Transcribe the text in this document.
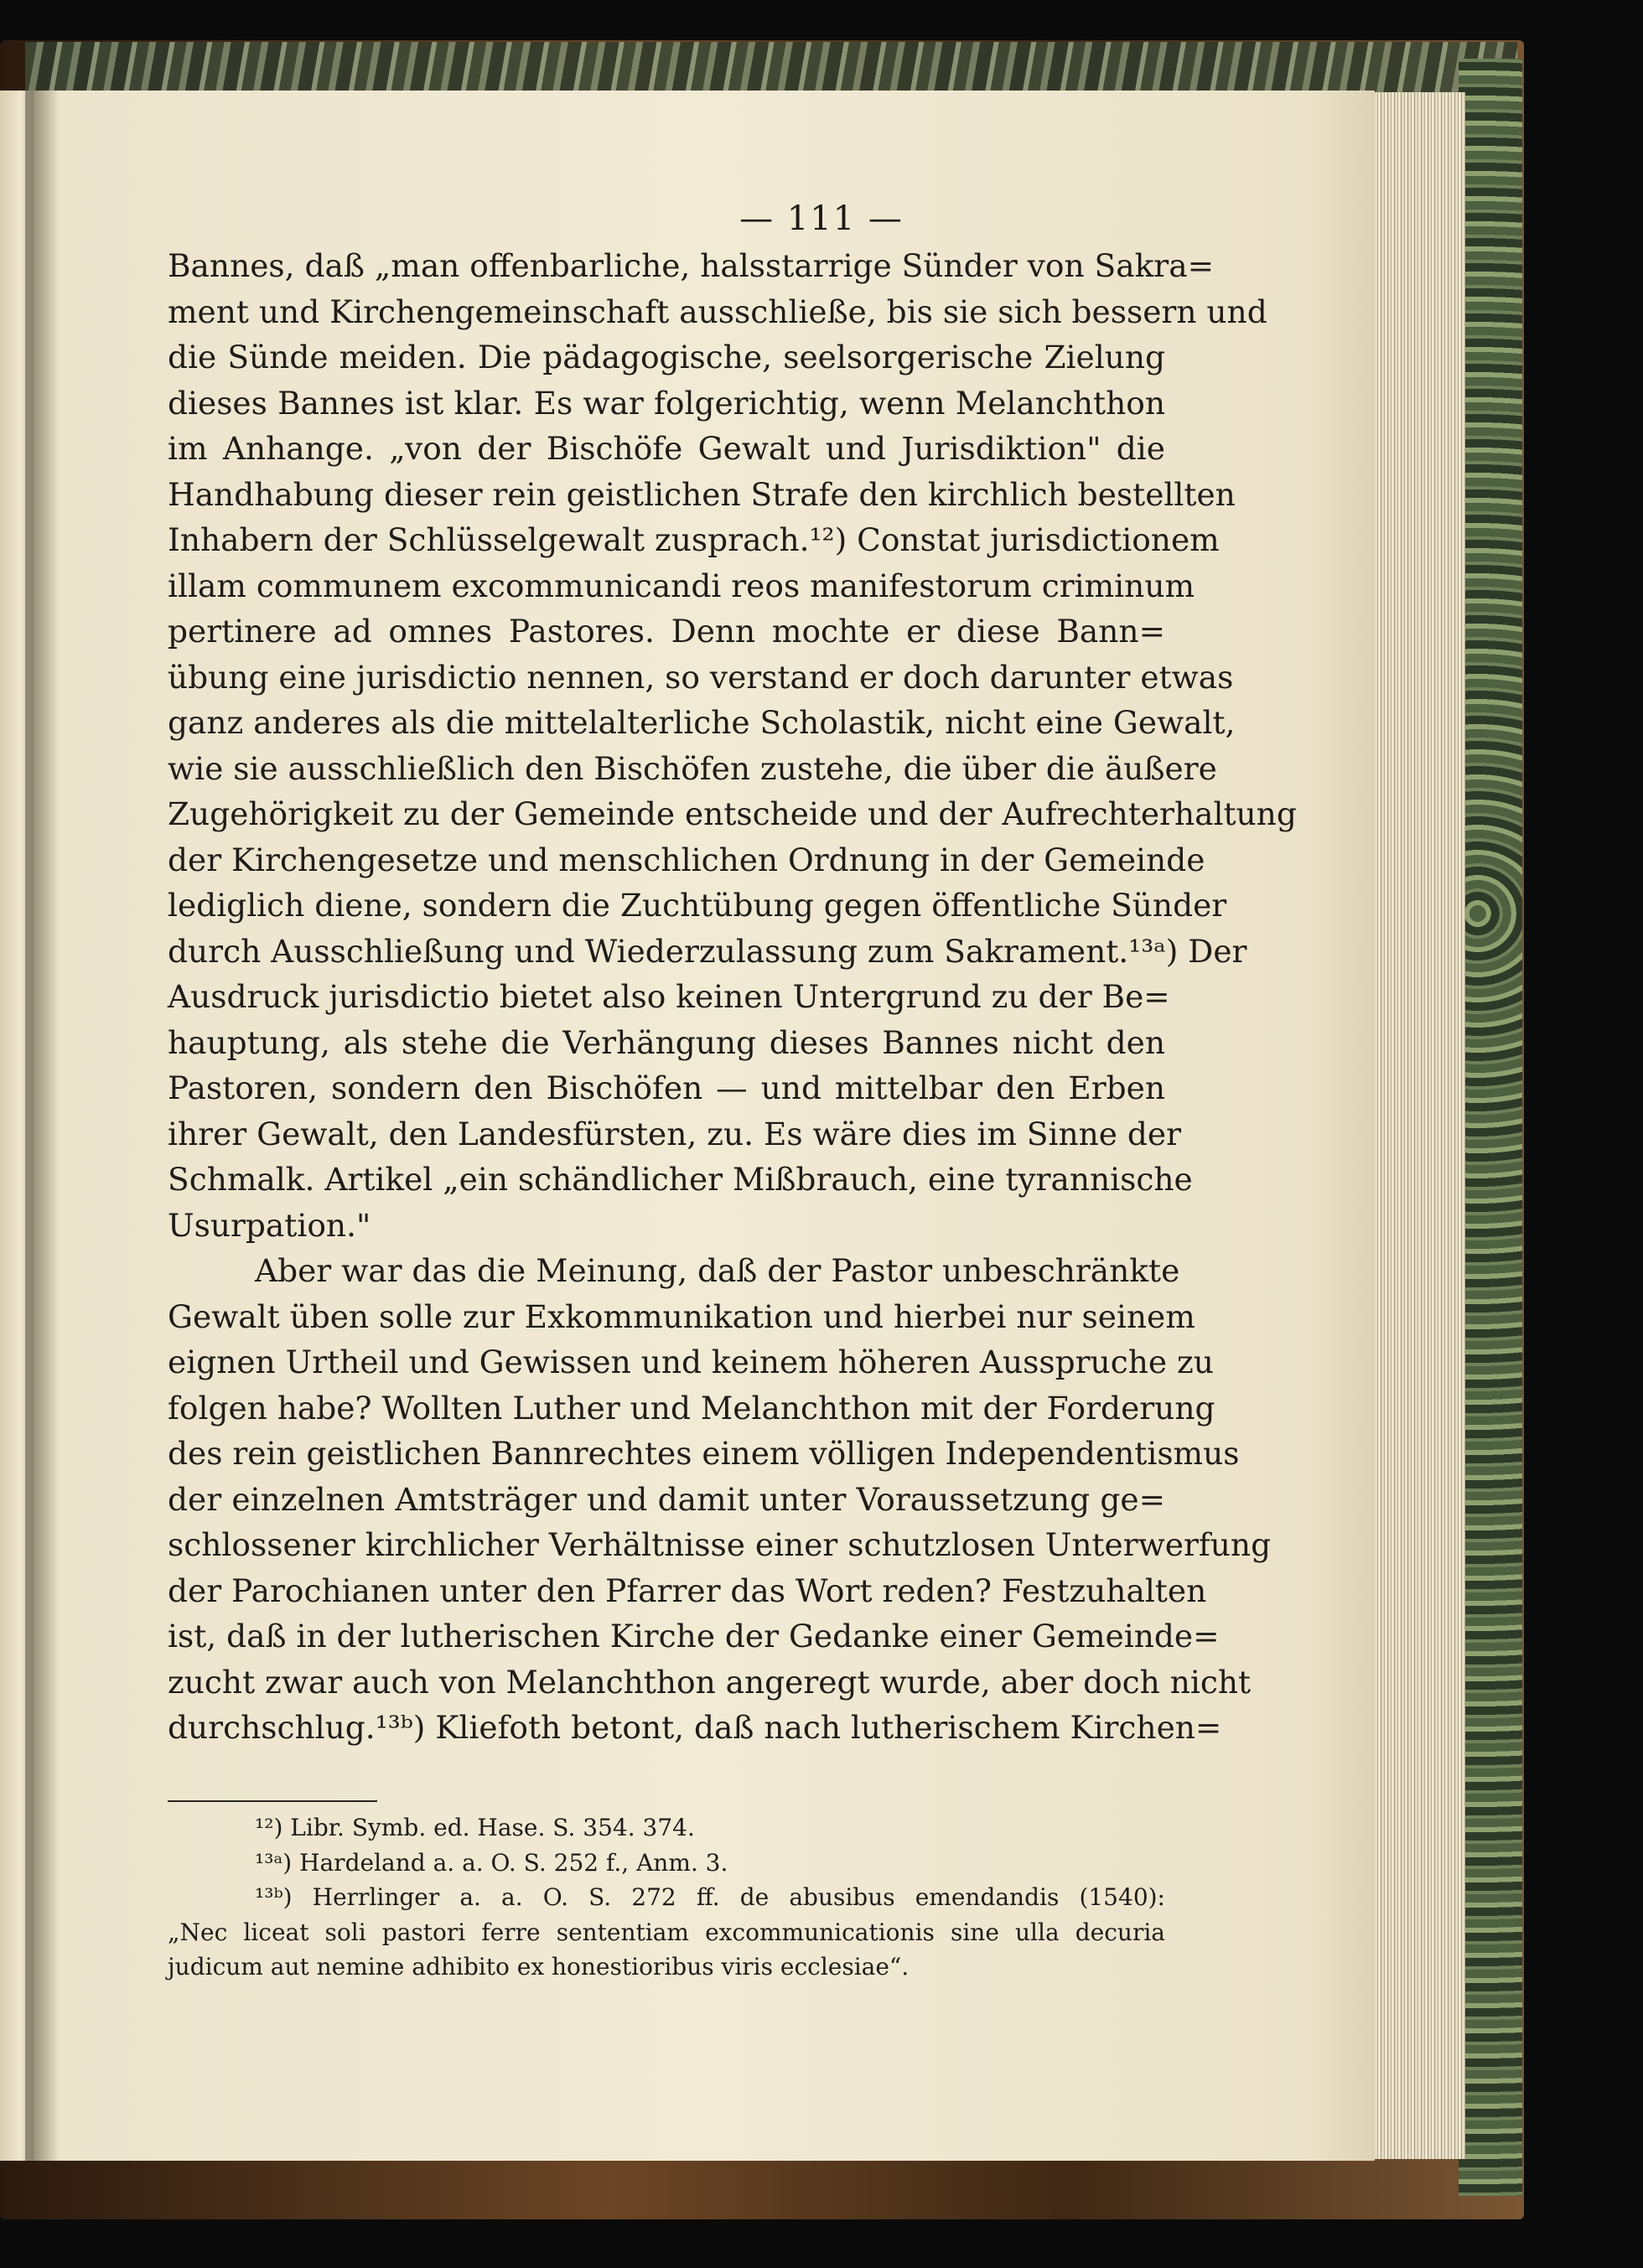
— 111 —
Bannes, daß „man offenbarliche, halsstarrige Sünder von Sakra=
ment und Kirchengemeinschaft ausschließe, bis sie sich bessern und
die Sünde meiden. Die pädagogische, seelsorgerische Zielung
dieses Bannes ist klar. Es war folgerichtig, wenn Melanchthon
im Anhange. „von der Bischöfe Gewalt und Jurisdiktion" die
Handhabung dieser rein geistlichen Strafe den kirchlich bestellten
Inhabern der Schlüsselgewalt zusprach.¹²) Constat jurisdictionem
illam communem excommunicandi reos manifestorum criminum
pertinere ad omnes Pastores. Denn mochte er diese Bann=
übung eine jurisdictio nennen, so verstand er doch darunter etwas
ganz anderes als die mittelalterliche Scholastik, nicht eine Gewalt,
wie sie ausschließlich den Bischöfen zustehe, die über die äußere
Zugehörigkeit zu der Gemeinde entscheide und der Aufrechterhaltung
der Kirchengesetze und menschlichen Ordnung in der Gemeinde
lediglich diene, sondern die Zuchtübung gegen öffentliche Sünder
durch Ausschließung und Wiederzulassung zum Sakrament.¹³ᵃ) Der
Ausdruck jurisdictio bietet also keinen Untergrund zu der Be=
hauptung, als stehe die Verhängung dieses Bannes nicht den
Pastoren, sondern den Bischöfen — und mittelbar den Erben
ihrer Gewalt, den Landesfürsten, zu. Es wäre dies im Sinne der
Schmalk. Artikel „ein schändlicher Mißbrauch, eine tyrannische
Usurpation."
Aber war das die Meinung, daß der Pastor unbeschränkte
Gewalt üben solle zur Exkommunikation und hierbei nur seinem
eignen Urtheil und Gewissen und keinem höheren Ausspruche zu
folgen habe? Wollten Luther und Melanchthon mit der Forderung
des rein geistlichen Bannrechtes einem völligen Independentismus
der einzelnen Amtsträger und damit unter Voraussetzung ge=
schlossener kirchlicher Verhältnisse einer schutzlosen Unterwerfung
der Parochianen unter den Pfarrer das Wort reden? Festzuhalten
ist, daß in der lutherischen Kirche der Gedanke einer Gemeinde=
zucht zwar auch von Melanchthon angeregt wurde, aber doch nicht
durchschlug.¹³ᵇ) Kliefoth betont, daß nach lutherischem Kirchen=
¹²) Libr. Symb. ed. Hase. S. 354. 374.
¹³ᵃ) Hardeland a. a. O. S. 252 f., Anm. 3.
¹³ᵇ) Herrlinger a. a. O. S. 272 ff. de abusibus emendandis (1540):
„Nec liceat soli pastori ferre sententiam excommunicationis sine ulla decuria
judicum aut nemine adhibito ex honestioribus viris ecclesiae“.
